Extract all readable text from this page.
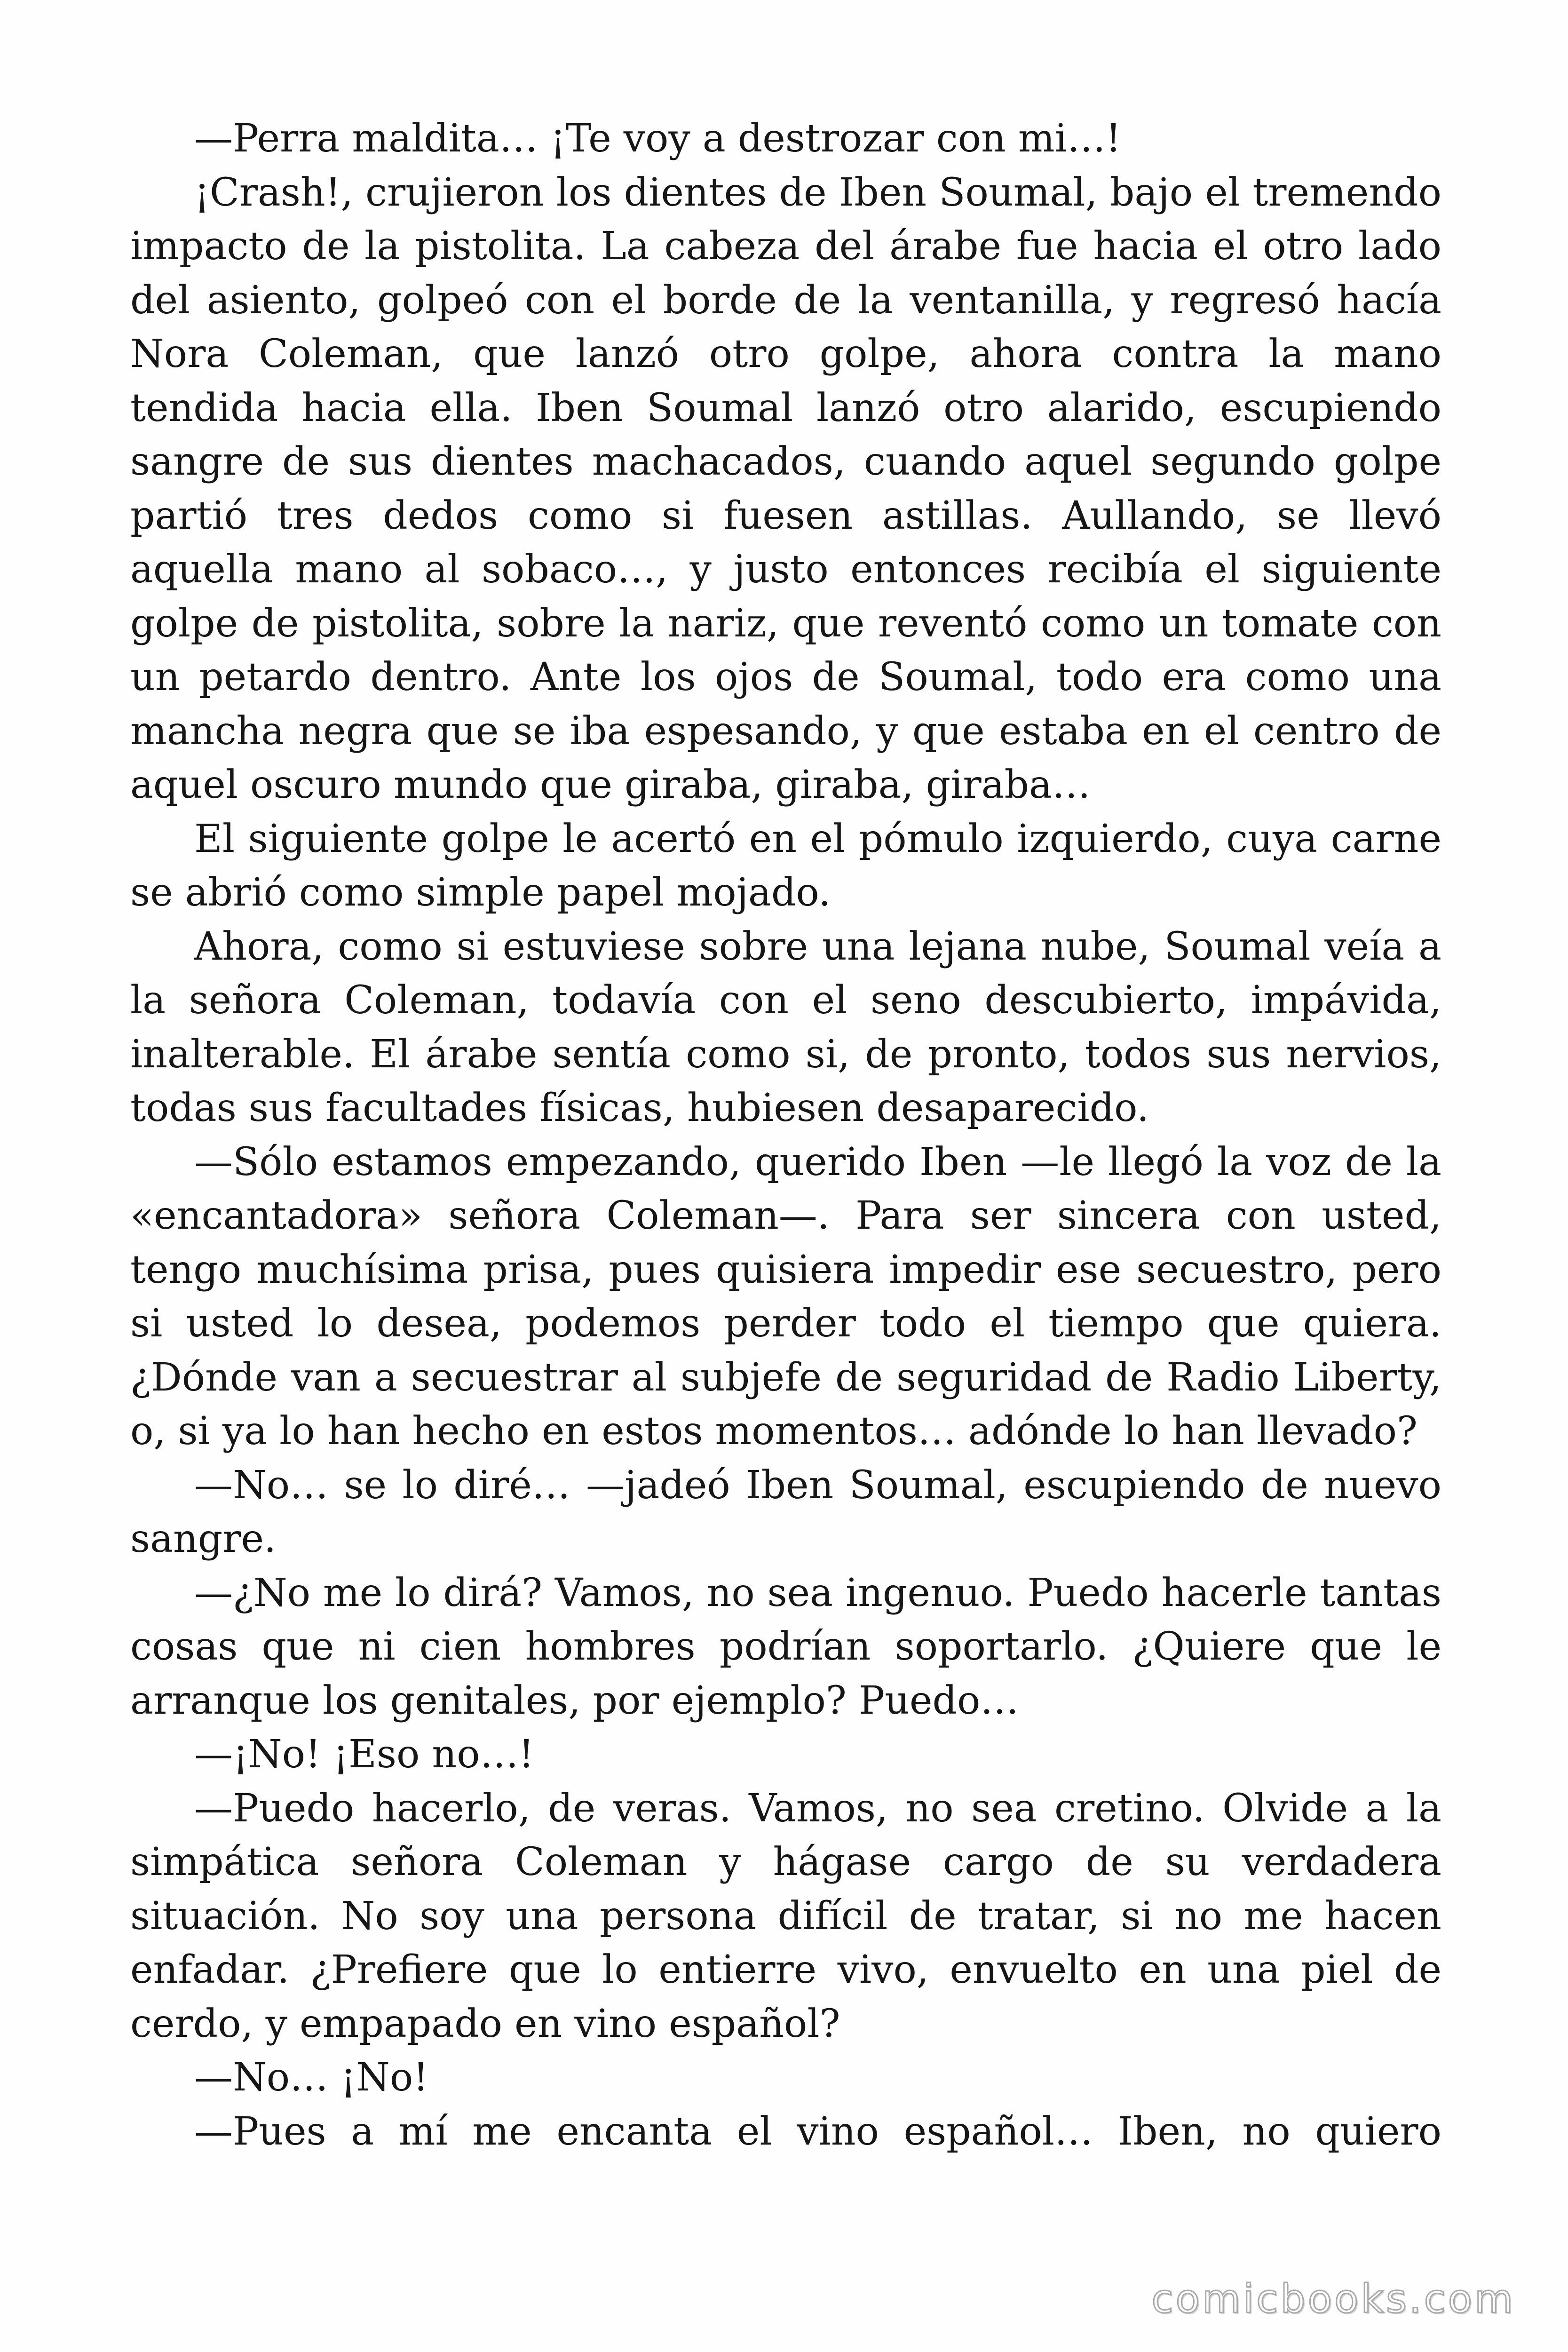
—Perra maldita… ¡Te voy a destrozar con mi…!

¡Crash!, crujieron los dientes de Iben Soumal, bajo el tremendo impacto de la pistolita. La cabeza del árabe fue hacia el otro lado del asiento, golpeó con el borde de la ventanilla, y regresó hacía Nora Coleman, que lanzó otro golpe, ahora contra la mano tendida hacia ella. Iben Soumal lanzó otro alarido, escupiendo sangre de sus dientes machacados, cuando aquel segundo golpe partió tres dedos como si fuesen astillas. Aullando, se llevó aquella mano al sobaco…, y justo entonces recibía el siguiente golpe de pistolita, sobre la nariz, que reventó como un tomate con un petardo dentro. Ante los ojos de Soumal, todo era como una mancha negra que se iba espesando, y que estaba en el centro de aquel oscuro mundo que giraba, giraba, giraba…

El siguiente golpe le acertó en el pómulo izquierdo, cuya carne se abrió como simple papel mojado.

Ahora, como si estuviese sobre una lejana nube, Soumal veía a la señora Coleman, todavía con el seno descubierto, impávida, inalterable. El árabe sentía como si, de pronto, todos sus nervios, todas sus facultades físicas, hubiesen desaparecido.

—Sólo estamos empezando, querido Iben —le llegó la voz de la «encantadora» señora Coleman—. Para ser sincera con usted, tengo muchísima prisa, pues quisiera impedir ese secuestro, pero si usted lo desea, podemos perder todo el tiempo que quiera. ¿Dónde van a secuestrar al subjefe de seguridad de Radio Liberty, o, si ya lo han hecho en estos momentos… adónde lo han llevado?

—No… se lo diré… —jadeó Iben Soumal, escupiendo de nuevo sangre.

—¿No me lo dirá? Vamos, no sea ingenuo. Puedo hacerle tantas cosas que ni cien hombres podrían soportarlo. ¿Quiere que le arranque los genitales, por ejemplo? Puedo…

—¡No! ¡Eso no…!

—Puedo hacerlo, de veras. Vamos, no sea cretino. Olvide a la simpática señora Coleman y hágase cargo de su verdadera situación. No soy una persona difícil de tratar, si no me hacen enfadar. ¿Prefiere que lo entierre vivo, envuelto en una piel de cerdo, y empapado en vino español?

—No… ¡No!

—Pues a mí me encanta el vino español… Iben, no quiero

comicbooks.com
